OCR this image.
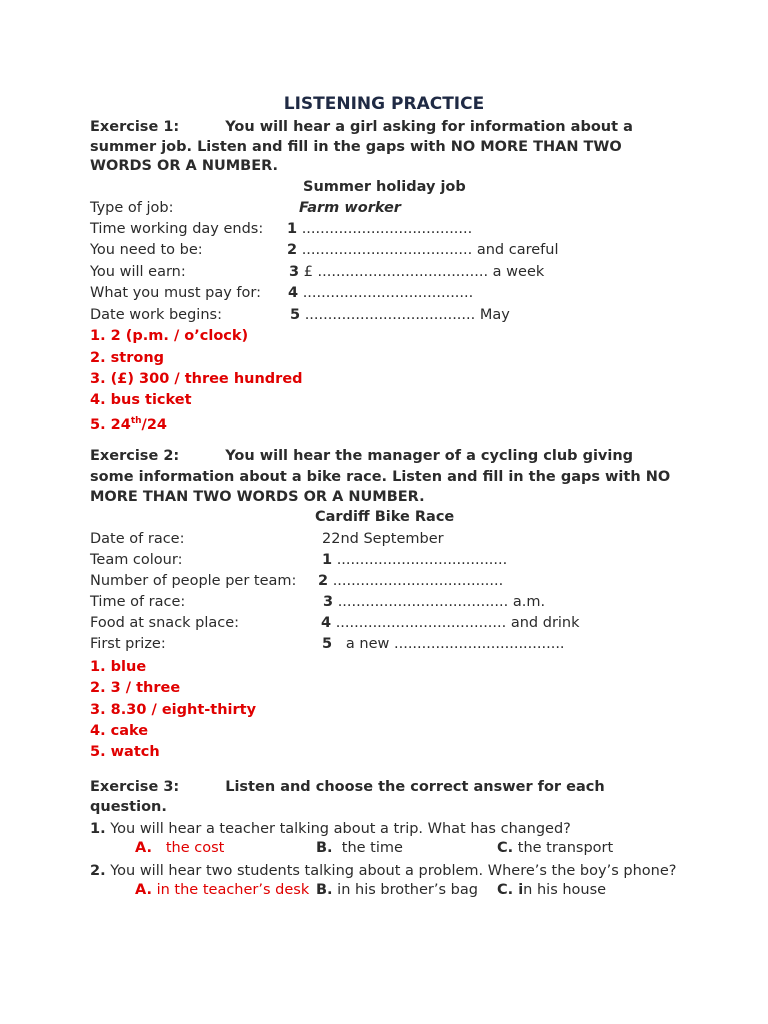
LISTENING PRACTICE
Exercise 1:	You will hear a girl asking for information about a
summer job. Listen and fill in the gaps with NO MORE THAN TWO
WORDS OR A NUMBER.
Summer holiday job
Type of job:	Farm worker
Time working day ends: 1 .....................................
You need to be:	2 ..................................... and careful
You will earn:	3 £ ..................................... a week
What you must pay for: 4 .....................................
Date work begins:	5 ..................................... May
1. 2 (p.m. / o’clock)
2. strong
3. (£) 300 / three hundred
4. bus ticket
5. 24th/24
Exercise 2:	You will hear the manager of a cycling club giving
some information about a bike race. Listen and fill in the gaps with NO
MORE THAN TWO WORDS OR A NUMBER.
Cardiff Bike Race
Date of race:	22nd September
Team colour:	1 .....................................
Number of people per team: 2 .....................................
Time of race:	3 ..................................... a.m.
Food at snack place:	4 ..................................... and drink
First prize:	5   a new .....................................
1. blue
2. 3 / three
3. 8.30 / eight-thirty
4. cake
5. watch
Exercise 3:	Listen and choose the correct answer for each
question.
1. You will hear a teacher talking about a trip. What has changed?
A. the cost	B. the time	C. the transport
2. You will hear two students talking about a problem. Where’s the boy’s phone?
A. in the teacher’s desk B. in his brother’s bag C. in his house
